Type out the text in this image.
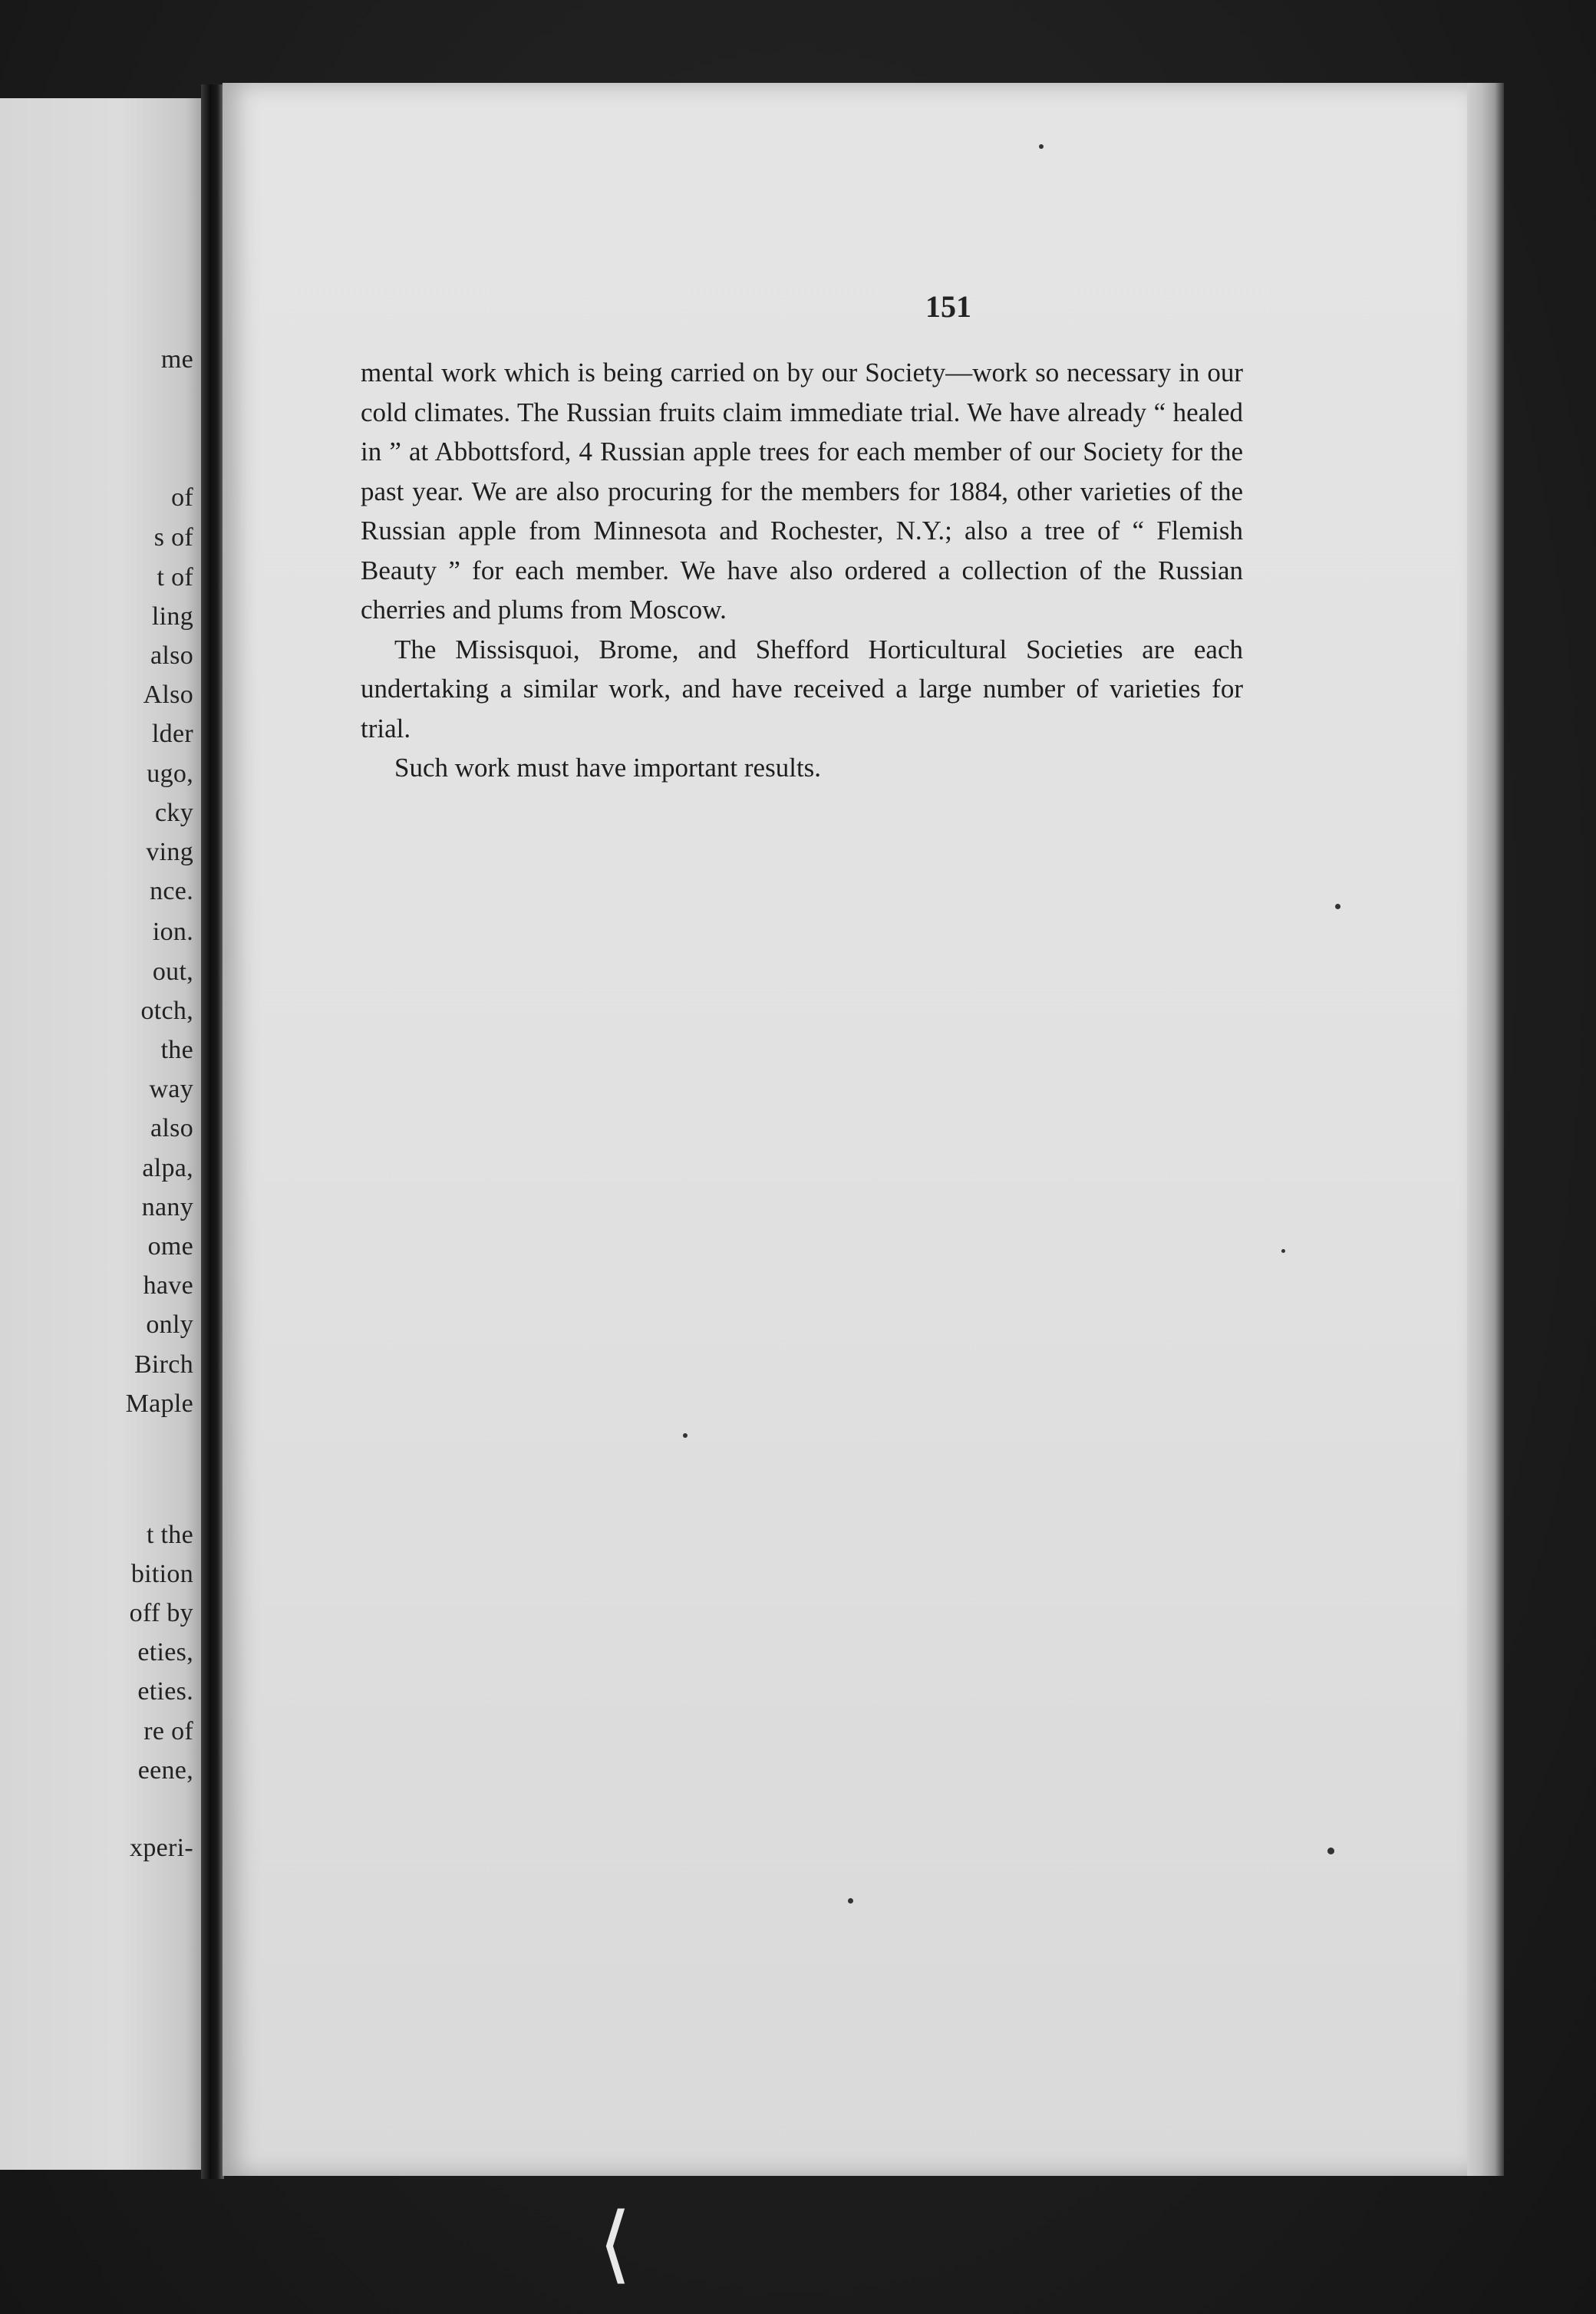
me
of
s of
t of
ling
also
Also
lder
ugo,
cky
ving
nce.
ion.
out,
otch,
the
way
also
alpa,
nany
ome
have
only
Birch
Maple
t the
bition
off by
eties,
eties.
re of
eene,
xperi-
151

mental work which is being carried on by our Society—work so necessary in our cold climates. The Russian fruits claim immediate trial. We have already “ healed in ” at Abbottsford, 4 Russian apple trees for each member of our Society for the past year. We are also procuring for the members for 1884, other varieties of the Russian apple from Minnesota and Rochester, N.Y.; also a tree of “ Flemish Beauty ” for each member. We have also ordered a collection of the Russian cherries and plums from Moscow.

The Missisquoi, Brome, and Shefford Horticultural Societies are each undertaking a similar work, and have received a large number of varieties for trial.

Such work must have important results.

⟨
